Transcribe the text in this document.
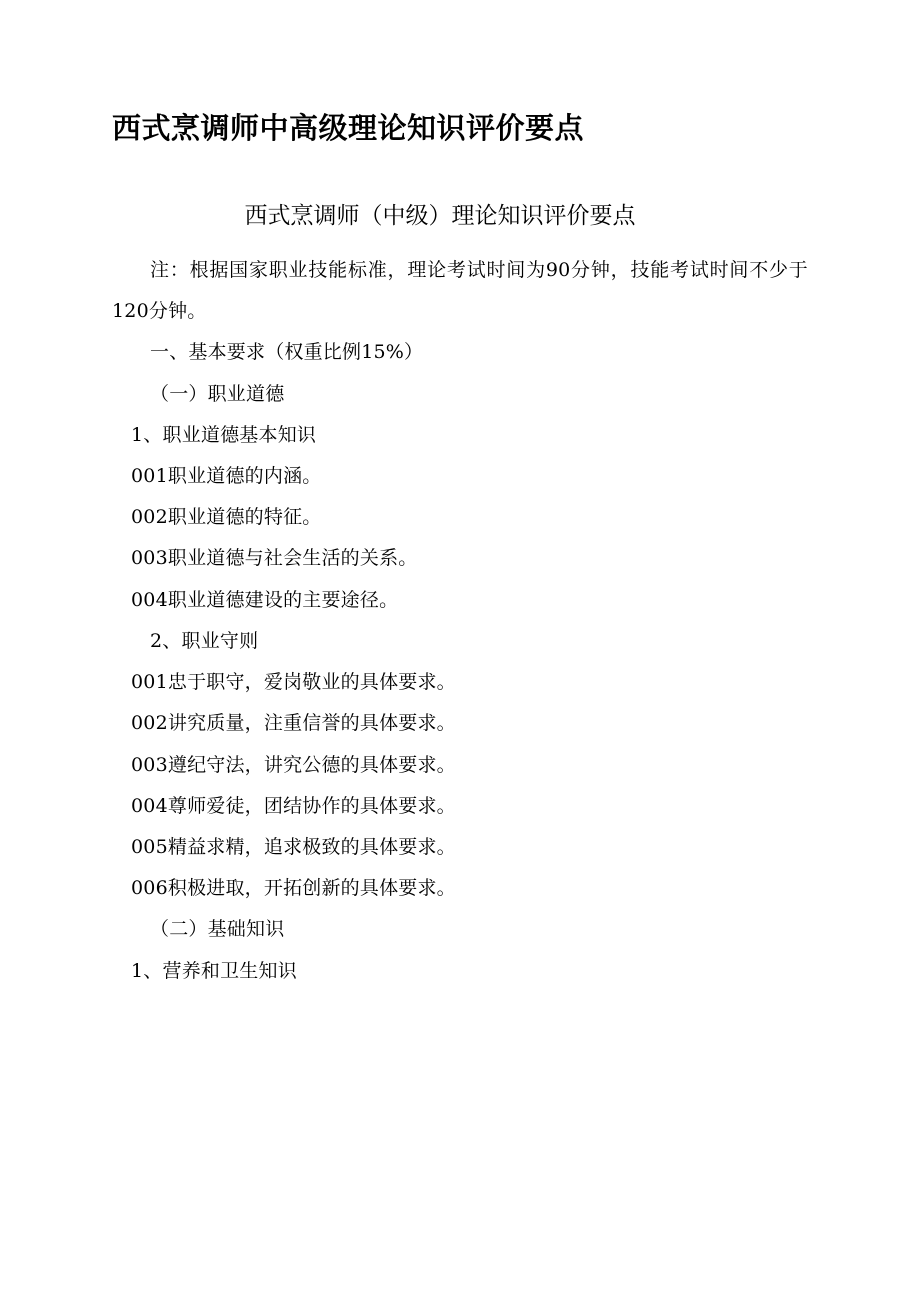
西式烹调师中高级理论知识评价要点
西式烹调师（中级）理论知识评价要点

注：根据国家职业技能标准，理论考试时间为90分钟，技能考试时间不少于120分钟。

一、基本要求（权重比例15%）

（一）职业道德

1、职业道德基本知识

001职业道德的内涵。

002职业道德的特征。

003职业道德与社会生活的关系。

004职业道德建设的主要途径。

2、职业守则

001忠于职守，爱岗敬业的具体要求。

002讲究质量，注重信誉的具体要求。

003遵纪守法，讲究公德的具体要求。

004尊师爱徒，团结协作的具体要求。

005精益求精，追求极致的具体要求。

006积极进取，开拓创新的具体要求。

（二）基础知识

1、营养和卫生知识
